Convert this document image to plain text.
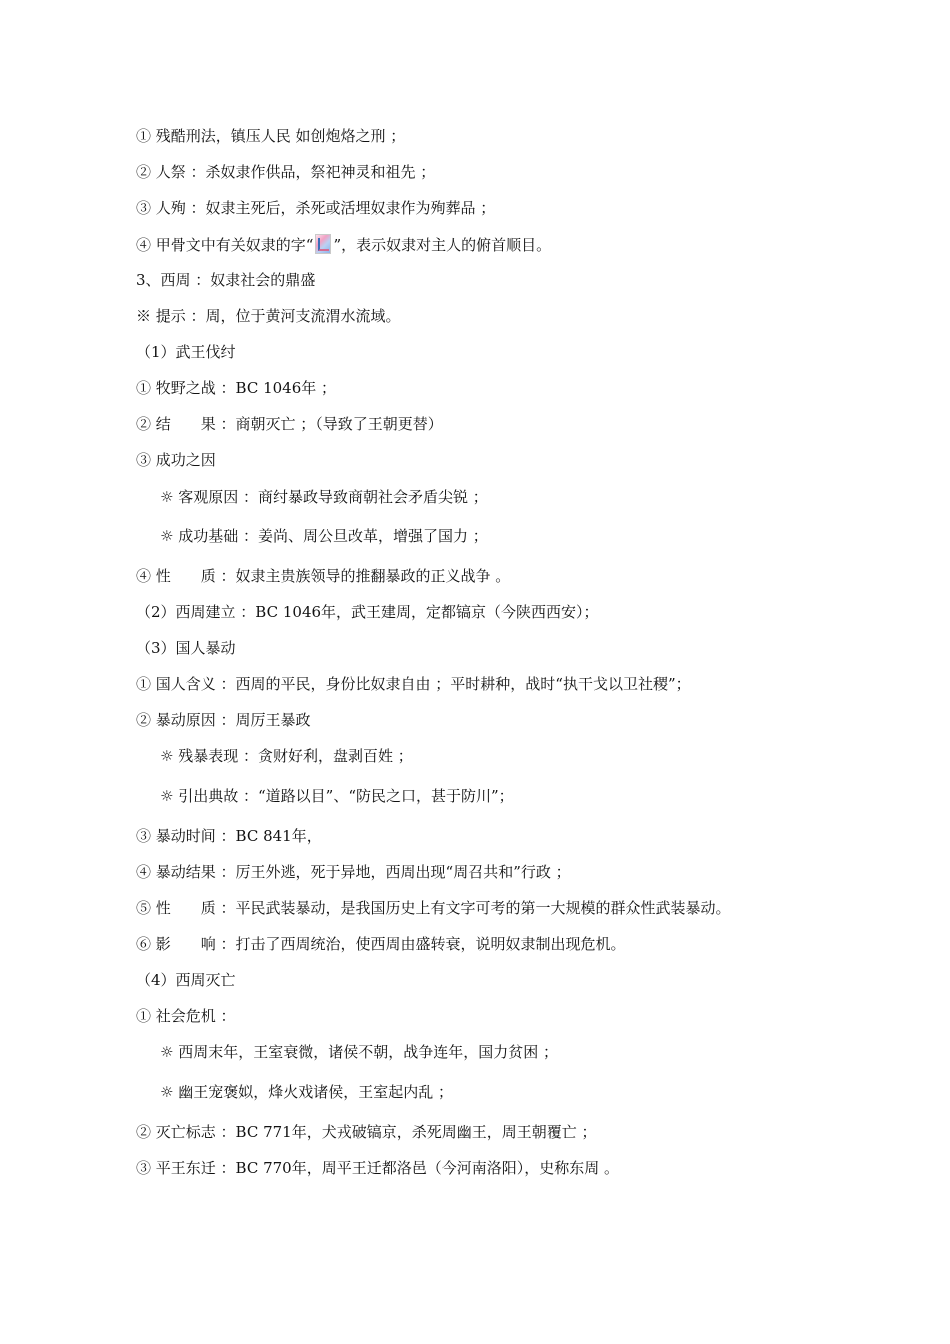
① 残酷刑法，镇压人民 如创炮烙之刑 ；
② 人祭 ：杀奴隶作供品，祭祀神灵和祖先 ；
③ 人殉 ：奴隶主死后，杀死或活埋奴隶作为殉葬品 ；
④ 甲骨文中有关奴隶的字“ ”，表示奴隶对主人的俯首顺目。
3、西周 ：奴隶社会的鼎盛
※ 提示 ：周，位于黄河支流渭水流域。
（1）武王伐纣
① 牧野之战 ：BC 1046年 ；
② 结　　果 ：商朝灭亡 ；（导致了王朝更替）
③ 成功之因
☼ 客观原因 ：商纣暴政导致商朝社会矛盾尖锐 ；
☼ 成功基础 ：姜尚、周公旦改革，增强了国力 ；
④ 性　　质 ：奴隶主贵族领导的推翻暴政的正义战争 。
（2）西周建立 ：BC 1046年，武王建周，定都镐京（今陕西西安）；
（3）国人暴动
① 国人含义 ：西周的平民，身份比奴隶自由 ；平时耕种，战时“执干戈以卫社稷”；
② 暴动原因 ：周厉王暴政
☼ 残暴表现 ：贪财好利，盘剥百姓 ；
☼ 引出典故 ：“道路以目”、“防民之口，甚于防川”；
③ 暴动时间 ：BC 841年，
④ 暴动结果 ：厉王外逃，死于异地，西周出现“周召共和”行政 ；
⑤ 性　　质 ：平民武装暴动，是我国历史上有文字可考的第一大规模的群众性武装暴动。
⑥ 影　　响 ：打击了西周统治，使西周由盛转衰，说明奴隶制出现危机。
（4）西周灭亡
① 社会危机 ：
☼ 西周末年，王室衰微，诸侯不朝，战争连年，国力贫困 ；
☼ 幽王宠褒姒，烽火戏诸侯，王室起内乱 ；
② 灭亡标志 ：BC 771年，犬戎破镐京，杀死周幽王，周王朝覆亡 ；
③ 平王东迁 ：BC 770年，周平王迁都洛邑（今河南洛阳），史称东周 。
